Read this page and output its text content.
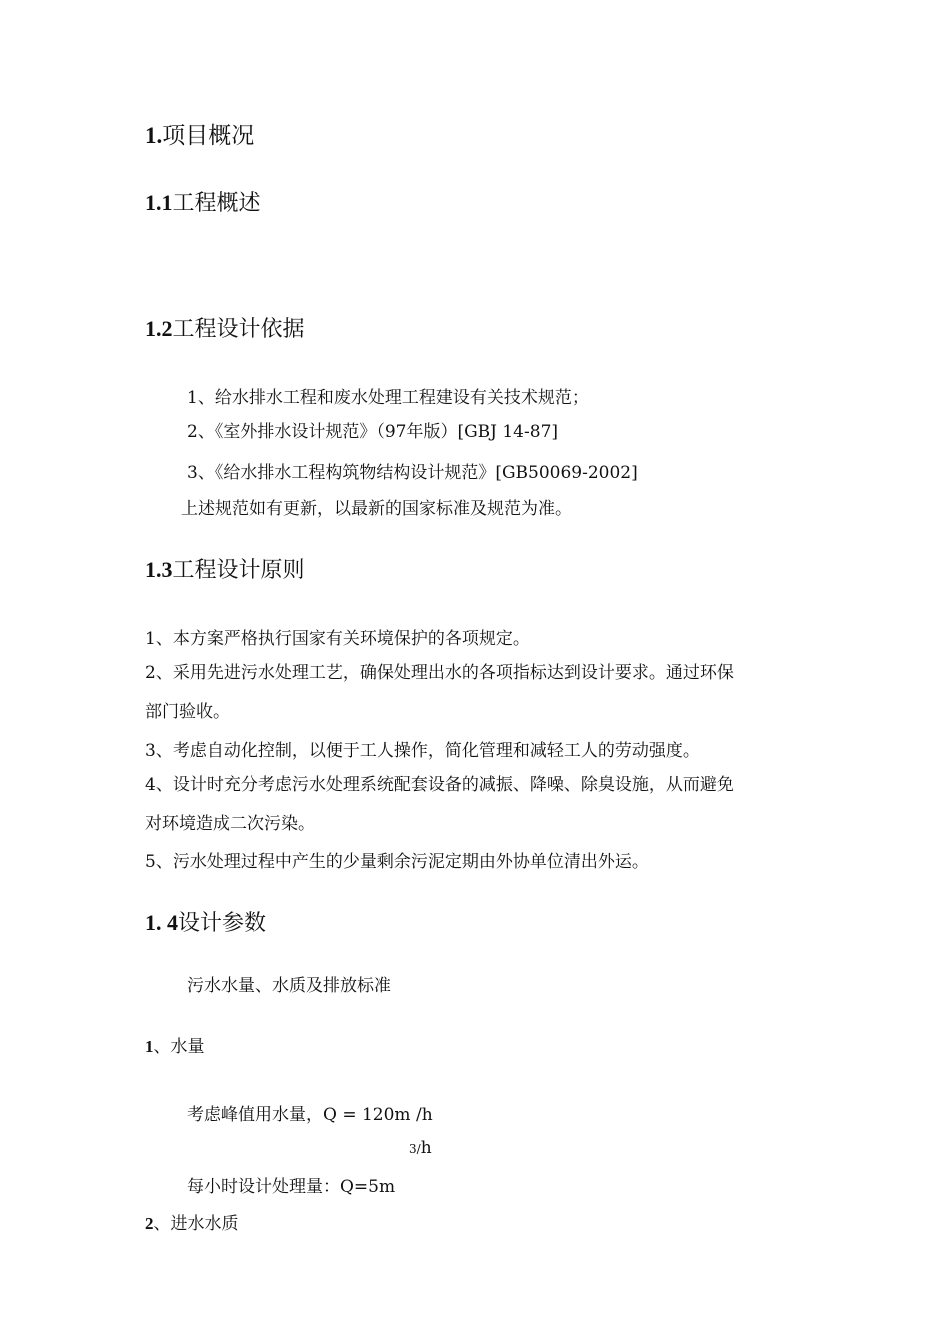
1.项目概况
1.1工程概述
1.2工程设计依据
1、给水排水工程和废水处理工程建设有关技术规范；
2、《室外排水设计规范》（97年版）[GBJ 14-87]
3、《给水排水工程构筑物结构设计规范》[GB50069-2002]
上述规范如有更新，以最新的国家标准及规范为准。
1.3工程设计原则
1、本方案严格执行国家有关环境保护的各项规定。
2、采用先进污水处理工艺，确保处理出水的各项指标达到设计要求。通过环保
部门验收。
3、考虑自动化控制，以便于工人操作，简化管理和减轻工人的劳动强度。
4、设计时充分考虑污水处理系统配套设备的减振、降噪、除臭设施，从而避免
对环境造成二次污染。
5、污水处理过程中产生的少量剩余污泥定期由外协单位清出外运。
1. 4设计参数
污水水量、水质及排放标准
1、水量
考虑峰值用水量，Q = 120m /h
3/h
每小时设计处理量：Q=5m
2、进水水质
